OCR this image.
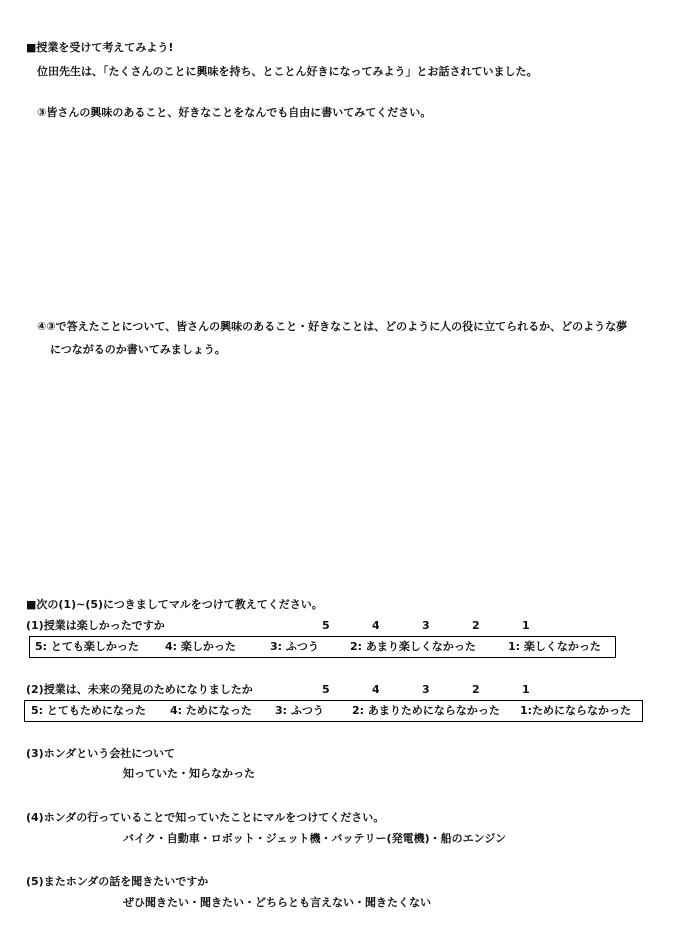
■授業を受けて考えてみよう!
位田先生は、「たくさんのことに興味を持ち、とことん好きになってみよう」とお話されていました。
③皆さんの興味のあること、好きなことをなんでも自由に書いてみてください。
④③で答えたことについて、皆さんの興味のあること・好きなことは、どのように人の役に立てられるか、どのような夢
につながるのか書いてみましょう。
■次の(1)~(5)につきましてマルをつけて教えてください。
(1)授業は楽しかったですか	5	4	3	2	1
5: とても楽しかった 4: 楽しかった	3: ふつう	2: あまり楽しくなかった	1: 楽しくなかった
(2)授業は、未来の発見のためになりましたか	5	4	3	2	1
5: とてもためになった 4: ためになった 3: ふつう	2: あまりためにならなかった 1:ためにならなかった
(3)ホンダという会社について
知っていた・知らなかった
(4)ホンダの行っていることで知っていたことにマルをつけてください。
バイク・自動車・ロボット・ジェット機・バッテリー(発電機)・船のエンジン
(5)またホンダの話を聞きたいですか
ぜひ聞きたい・聞きたい・どちらとも言えない・聞きたくない
